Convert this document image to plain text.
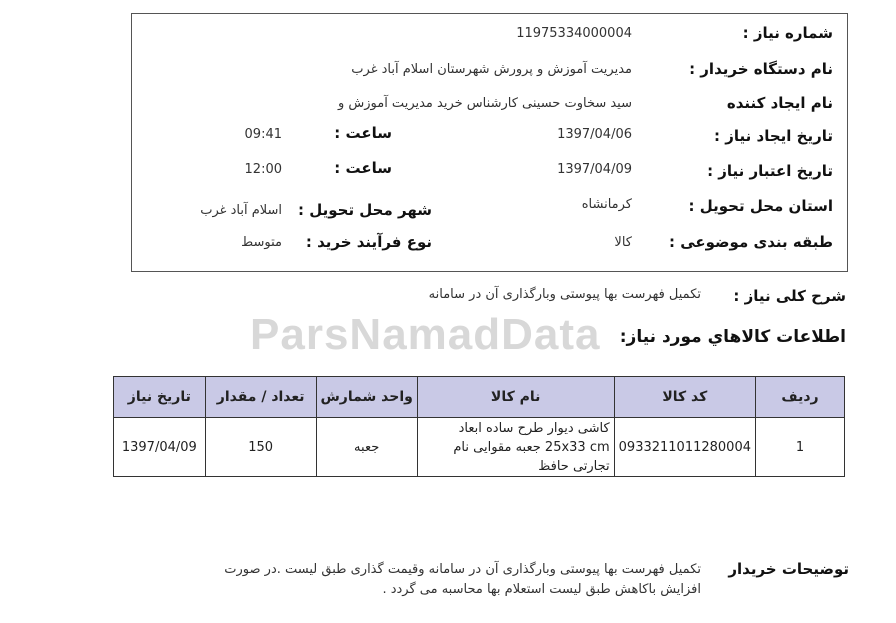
ParsNamadData
شماره نیاز :
11975334000004
نام دستگاه خریدار :
مدیریت آموزش و پرورش شهرستان اسلام آباد غرب
نام ایجاد کننده
سید سخاوت حسینی کارشناس خرید مدیریت آموزش و
تاریخ ایجاد نیاز :
1397/04/06
ساعت :
09:41
تاریخ اعتبار نیاز :
1397/04/09
ساعت :
12:00
استان محل تحویل :
کرمانشاه
شهر محل تحویل :
اسلام آباد غرب
طبقه بندی موضوعی :
کالا
نوع فرآیند خرید :
متوسط
شرح کلی نیاز :
تکمیل فهرست بها پیوستی وبارگذاری آن در سامانه
اطلاعات کالاهاي مورد نياز:
ردیف	کد کالا	نام کالا	واحد شمارش	تعداد / مقدار	تاریخ نیاز
1	0933211011280004	کاشی دیوار طرح ساده ابعاد 25x33 cm جعبه مقوایی نام تجارتی حافظ	جعبه	150	1397/04/09
توضیحات خریدار
تکمیل فهرست بها پیوستی وبارگذاری آن در سامانه وقیمت گذاری طبق لیست .در صورت
افزایش باکاهش طبق لیست استعلام بها محاسبه می گردد .
